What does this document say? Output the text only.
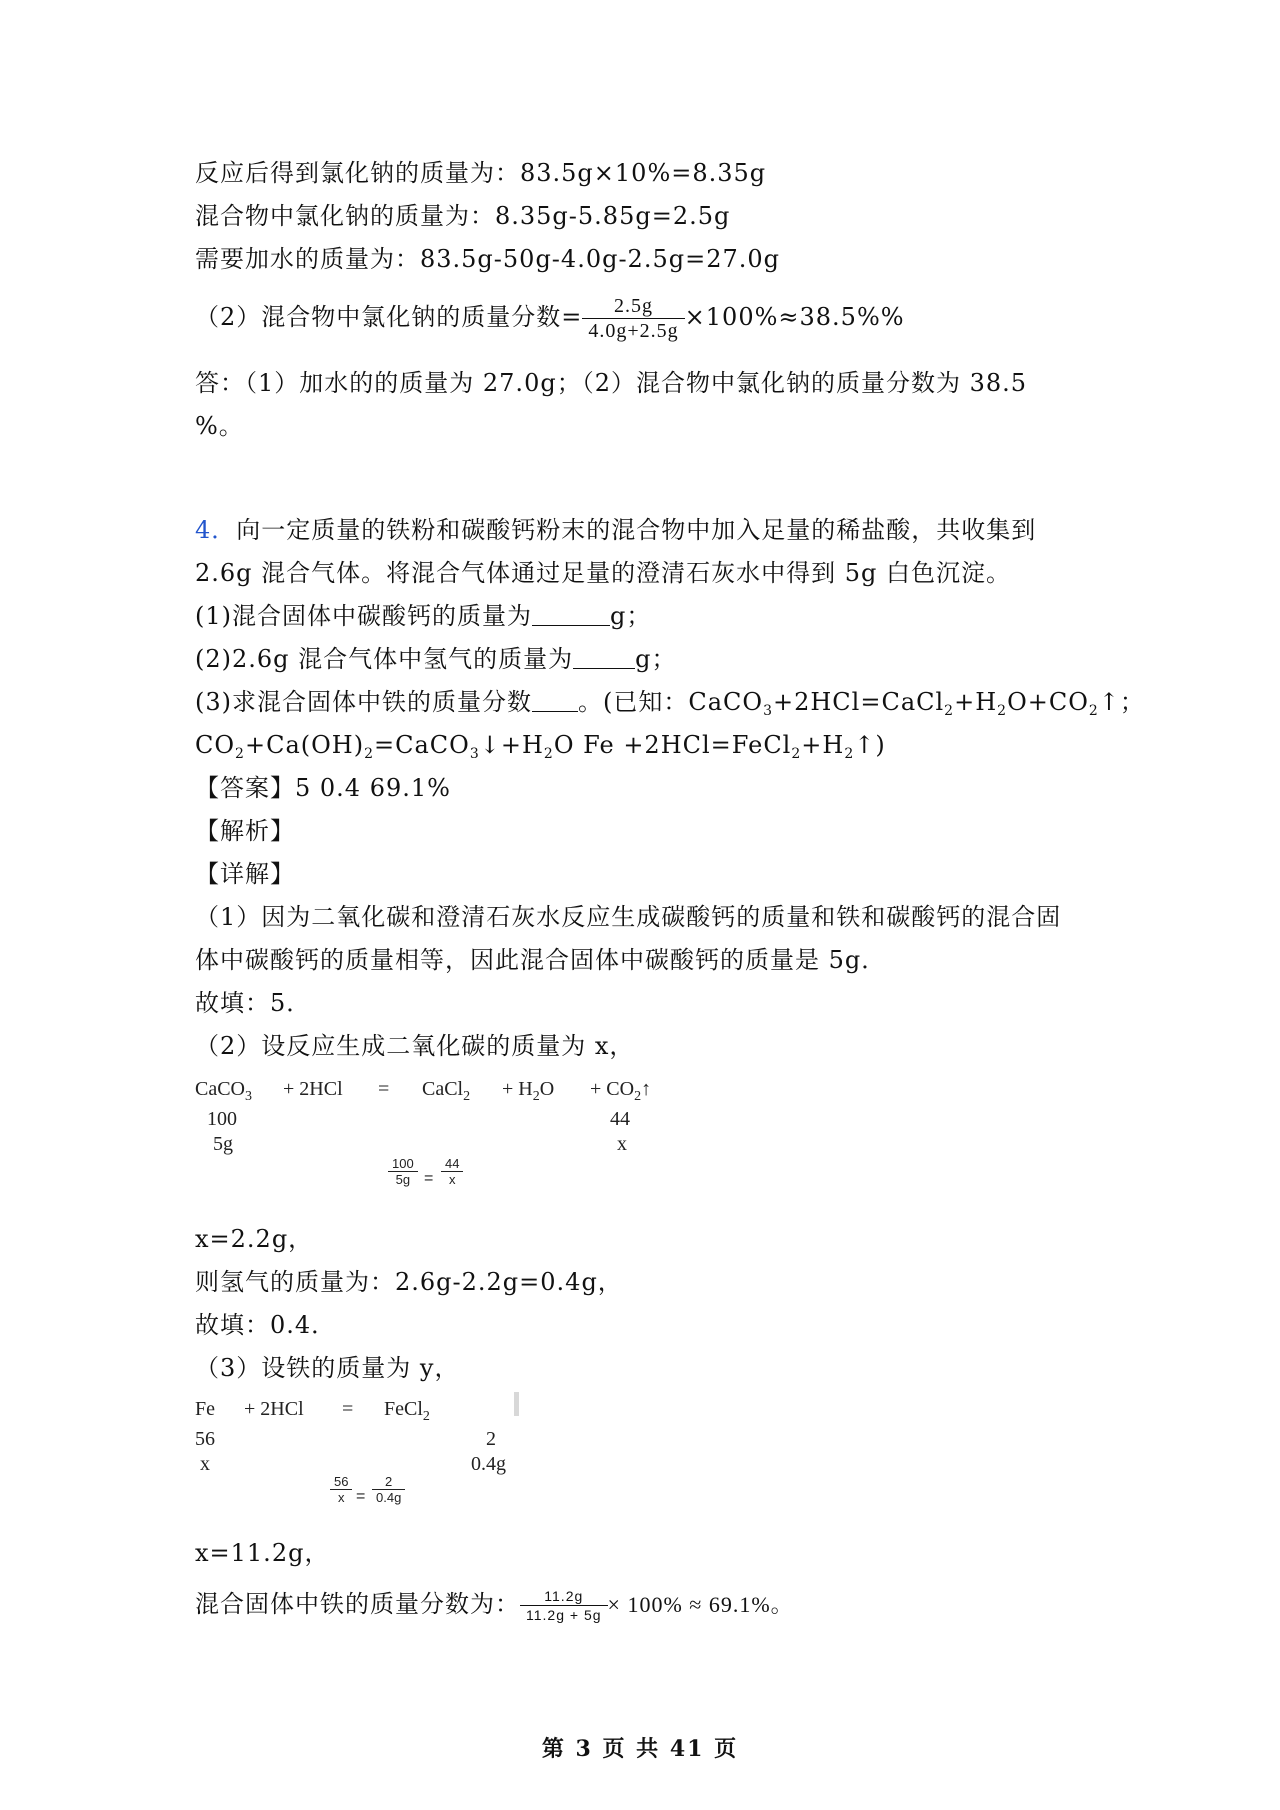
反应后得到氯化钠的质量为：83.5g×10%=8.35g
混合物中氯化钠的质量为：8.35g-5.85g=2.5g
需要加水的质量为：83.5g-50g-4.0g-2.5g=27.0g
（2）混合物中氯化钠的质量分数= $\frac{2.5g}{4.0g+2.5g} \times 100\%\approx 38.5\%\%$
答：（1）加水的的质量为 27.0g；（2）混合物中氯化钠的质量分数为 38.5
%。
4．向一定质量的铁粉和碳酸钙粉末的混合物中加入足量的稀盐酸，共收集到
2.6g 混合气体。将混合气体通过足量的澄清石灰水中得到 5g 白色沉淀。
(1)混合固体中碳酸钙的质量为	g；
(2)2.6g 混合气体中氢气的质量为	g；
(3)求混合固体中铁的质量分数 。(已知：$CaCO_3+2HCl=CaCl_2+H_2O+CO_2↑$；
$CO_2+Ca(OH)_2=CaCO_3↓+H_2O$ $Fe +2HCl=FeCl_2+H_2↑$)
【答案】5 0.4 69.1%
【解析】
【详解】
（1）因为二氧化碳和澄清石灰水反应生成碳酸钙的质量和铁和碳酸钙的混合固
体中碳酸钙的质量相等，因此混合固体中碳酸钙的质量是 5g．
故填：5．
（2）设反应生成二氧化碳的质量为 x，
CaCO$_3$ + 2HCl = CaCl$_2$ + $H_2O$ + $CO_2↑$
100
5g
44
x
$\frac{100}{5g} = \frac{44}{x}$
x=2.2g，
则氢气的质量为：2.6g-2.2g=0.4g，
故填：0.4．
（3）设铁的质量为 y，
Fe + 2HCl = FeCl$_2$
56
x
2
0.4g
$\frac{56}{x} = \frac{2}{0.4g}$
x=11.2g，
混合固体中铁的质量分数为： $\frac{11.2g}{11.2g + 5g} \times 100\% \approx 69.1\%$。
第 3 页 共 41 页
